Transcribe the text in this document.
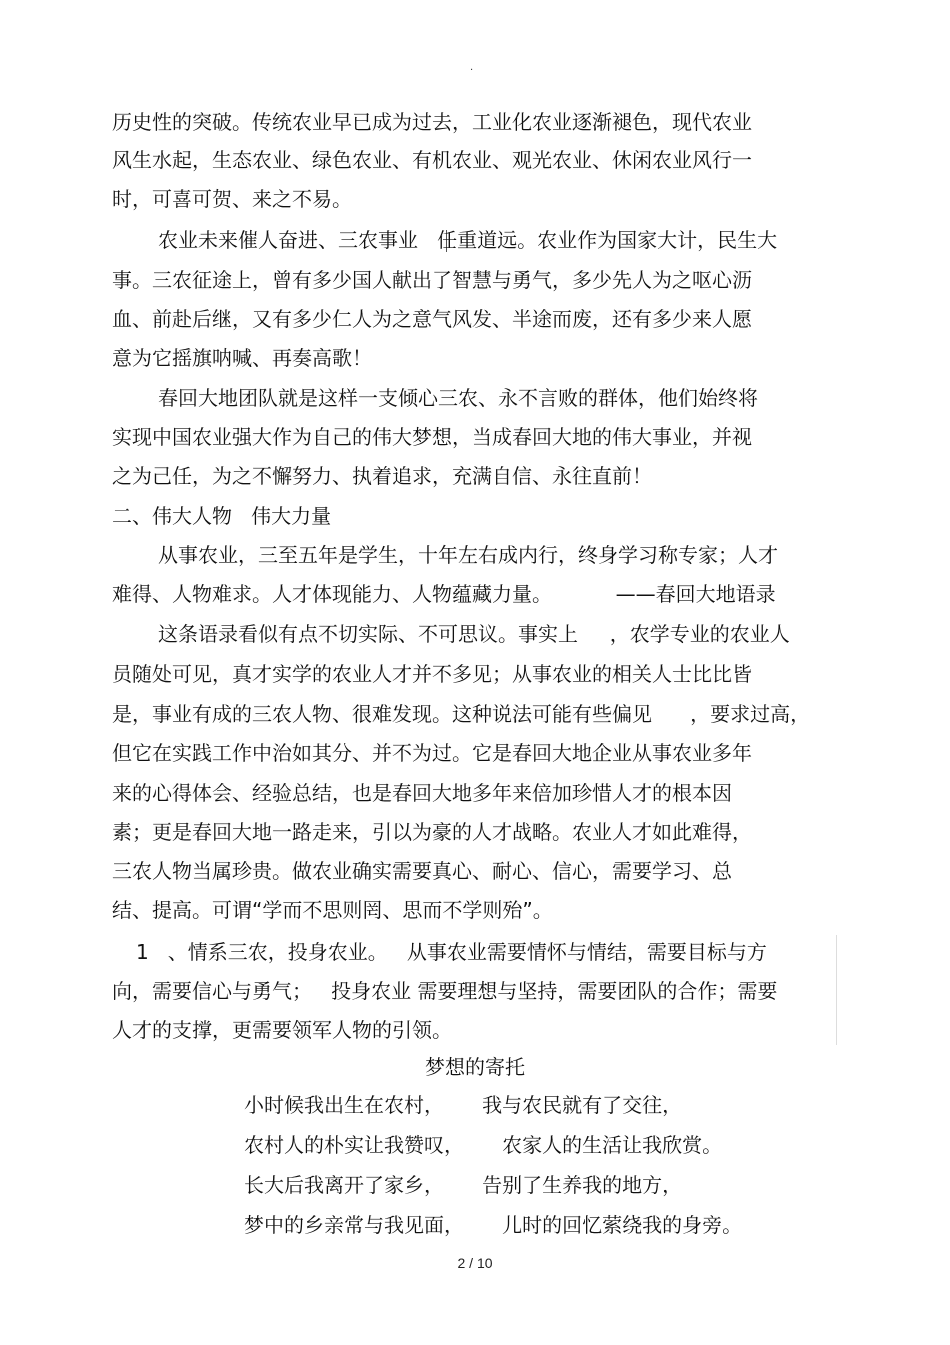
.
历史性的突破。传统农业早已成为过去，工业化农业逐渐褪色，现代农业
风生水起，生态农业、绿色农业、有机农业、观光农业、休闲农业风行一
时，可喜可贺、来之不易。
农业未来催人奋进、三农事业   任重道远。农业作为国家大计，民生大
事。三农征途上，曾有多少国人献出了智慧与勇气，多少先人为之呕心沥
血、前赴后继，又有多少仁人为之意气风发、半途而废，还有多少来人愿
意为它摇旗呐喊、再奏高歌！
春回大地团队就是这样一支倾心三农、永不言败的群体，他们始终将
实现中国农业强大作为自己的伟大梦想，当成春回大地的伟大事业，并视
之为己任，为之不懈努力、执着追求，充满自信、永往直前！
二、伟大人物   伟大力量
从事农业，三至五年是学生，十年左右成内行，终身学习称专家；人才
难得、人物难求。人才体现能力、人物蕴藏力量。          ——春回大地语录
这条语录看似有点不切实际、不可思议。事实上     ，农学专业的农业人
员随处可见，真才实学的农业人才并不多见；从事农业的相关人士比比皆
是，事业有成的三农人物、很难发现。这种说法可能有些偏见      ，要求过高，
但它在实践工作中治如其分、并不为过。它是春回大地企业从事农业多年
来的心得体会、经验总结，也是春回大地多年来倍加珍惜人才的根本因
素；更是春回大地一路走来，引以为豪的人才战略。农业人才如此难得，
三农人物当属珍贵。做农业确实需要真心、耐心、信心，需要学习、总
结、提高。可谓“学而不思则罔、思而不学则殆”。
1   、情系三农，投身农业。   从事农业需要情怀与情结，需要目标与方
向，需要信心与勇气；   投身农业 需要理想与坚持，需要团队的合作；需要
人才的支撑，更需要领军人物的引领。
梦想的寄托
小时候我出生在农村，      我与农民就有了交往，
农村人的朴实让我赞叹，      农家人的生活让我欣赏。
长大后我离开了家乡，      告别了生养我的地方，
梦中的乡亲常与我见面，      儿时的回忆萦绕我的身旁。
2 / 10
